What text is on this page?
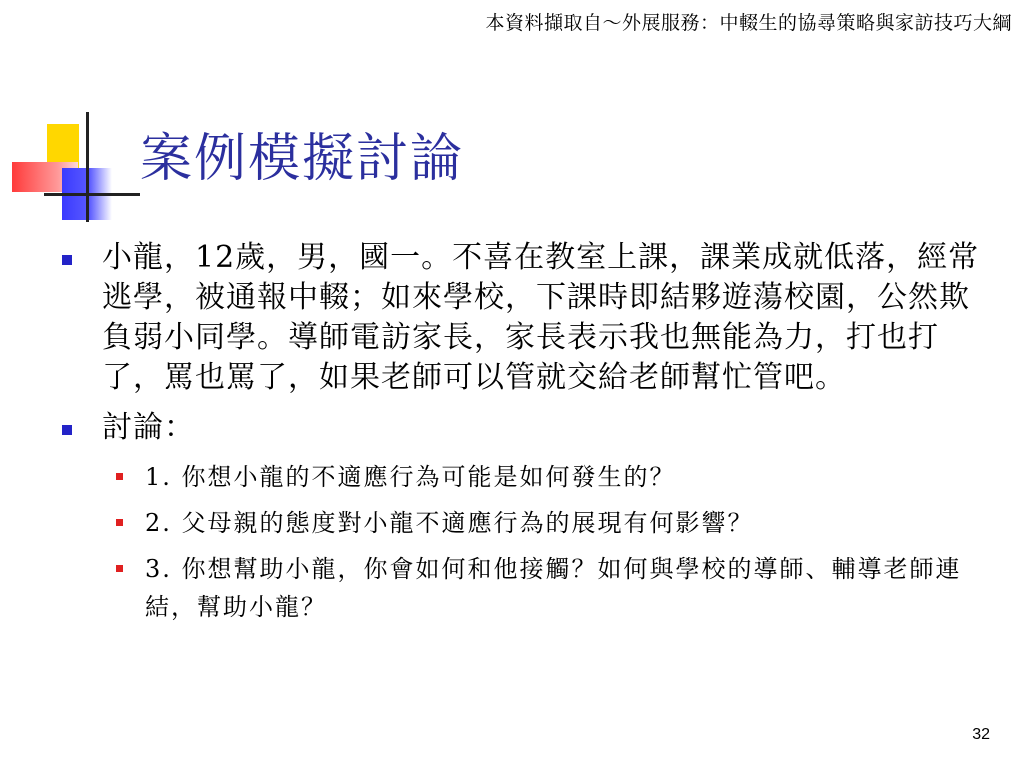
本資料擷取自～外展服務：中輟生的協尋策略與家訪技巧大綱
案例模擬討論
小龍，12歲，男，國一。不喜在教室上課，課業成就低落，經常逃學，被通報中輟；如來學校，下課時即結夥遊蕩校園，公然欺負弱小同學。導師電訪家長，家長表示我也無能為力，打也打了，罵也罵了，如果老師可以管就交給老師幫忙管吧。
討論：
1. 你想小龍的不適應行為可能是如何發生的？
2. 父母親的態度對小龍不適應行為的展現有何影響？
3. 你想幫助小龍，你會如何和他接觸？如何與學校的導師、輔導老師連結，幫助小龍？
32
